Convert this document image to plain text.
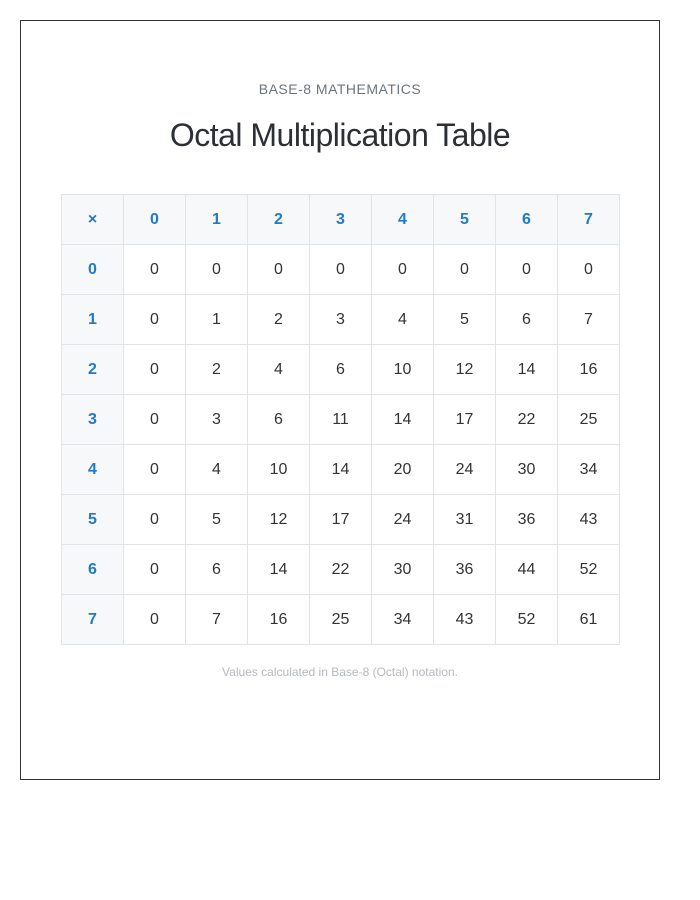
BASE-8 MATHEMATICS
Octal Multiplication Table
×	0	1	2	3	4	5	6	7
0	0	0	0	0	0	0	0	0
1	0	1	2	3	4	5	6	7
2	0	2	4	6	10	12	14	16
3	0	3	6	11	14	17	22	25
4	0	4	10	14	20	24	30	34
5	0	5	12	17	24	31	36	43
6	0	6	14	22	30	36	44	52
7	0	7	16	25	34	43	52	61
Values calculated in Base-8 (Octal) notation.
